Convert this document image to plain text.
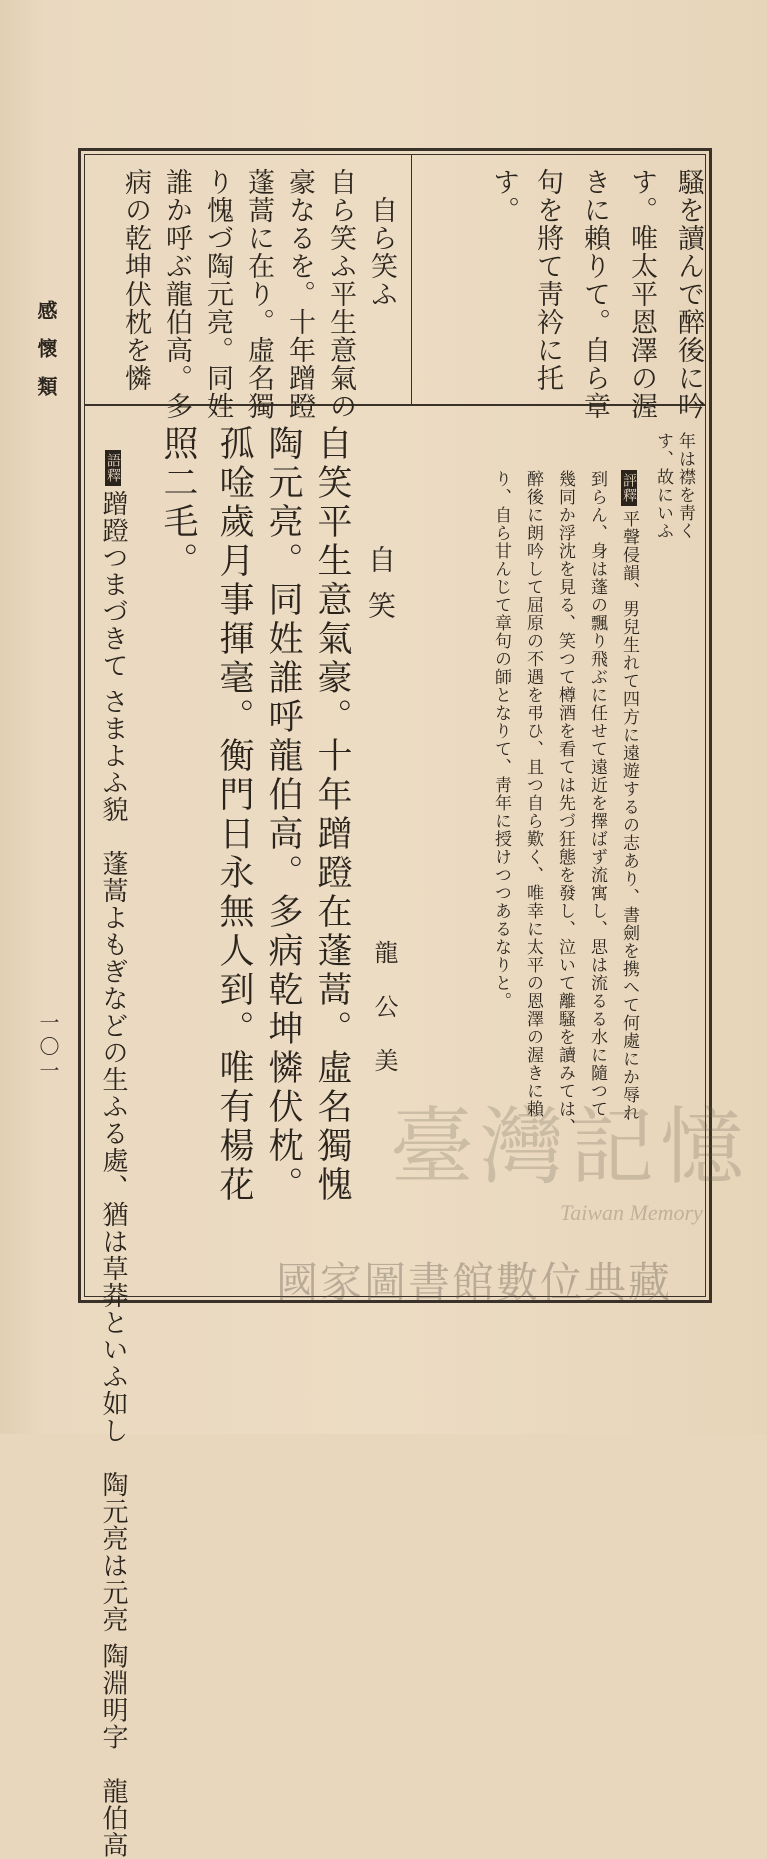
感懷類
一〇一
騷を讀んで醉後に吟
す。唯太平恩澤の渥
きに賴りて。自ら章
句を將て靑衿に托
す。
自ら笑ふ
自ら笑ふ平生意氣の
豪なるを。十年蹭蹬
蓬蒿に在り。虛名獨
り愧づ陶元亮。同姓
誰か呼ぶ龍伯高。多
病の乾坤伏枕を憐
年は襟を靑く
す、故にいふ
評釋平聲侵韻、男兒生れて四方に遠遊するの志あり、書劍を携へて何處にか辱れ
到らん、身は蓬の飄り飛ぶに任せて遠近を擇ばず流寓し、思は流るる水に隨つて
幾同か浮沈を見る、笑つて樽酒を看ては先づ狂態を發し、泣いて離騷を讀みては、
醉後に朗吟して屈原の不遇を弔ひ、且つ自ら歎く、唯幸に太平の恩澤の渥きに賴
り、自ら甘んじて章句の師となりて、靑年に授けつつあるなりと。
自笑
龍公美
自笑平生意氣豪。十年蹭蹬在蓬蒿。虛名獨愧
陶元亮。同姓誰呼龍伯高。多病乾坤憐伏枕。
孤唫歲月事揮毫。衡門日永無人到。唯有楊花
照二毛。
語釋蹭蹬つまづきて さまよふ貌　蓬蒿よもぎなどの生ふる處、猶は草莽といふ如し　陶元亮は元亮 陶淵明字　龍伯高	臺灣記憶
Taiwan Memory
國家圖書館數位典藏
